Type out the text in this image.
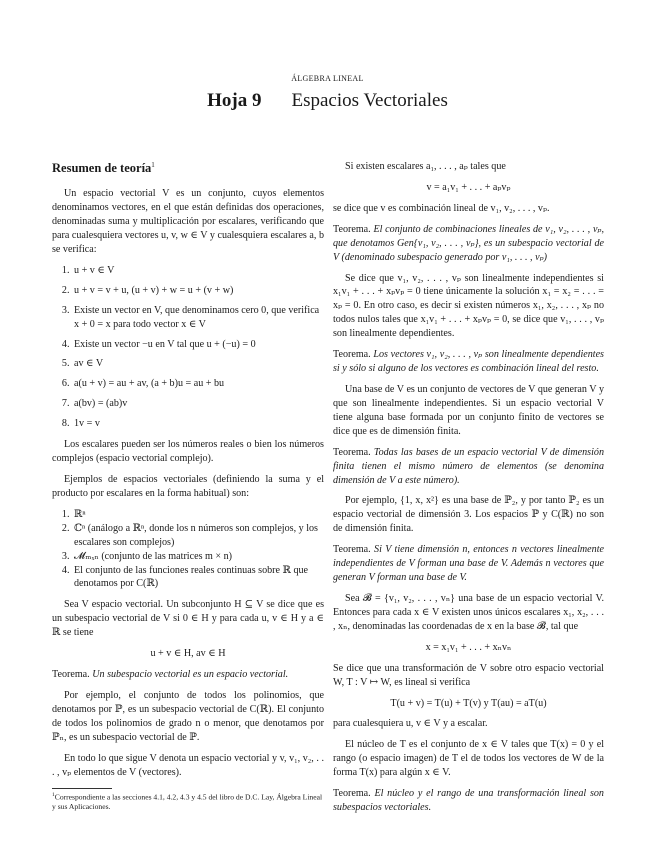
ÁLGEBRA LINEAL
Hoja 9 Espacios Vectoriales
Resumen de teoría$^1$

Un espacio vectorial V es un conjunto, cuyos elementos denominamos vectores, en el que están definidas dos operaciones, denominadas suma y multiplicación por escalares, verificando que para cualesquiera vectores u, v, w ∈ V y cualesquiera escalares a, b se verifica:

1. u + v ∈ V
2. u + v = v + u, (u + v) + w = u + (v + w)
3. Existe un vector en V, que denominamos cero 0, que verifica x + 0 = x para todo vector x ∈ V
4. Existe un vector −u en V tal que u + (−u) = 0
5. av ∈ V
6. a(u + v) = au + av, (a + b)u = au + bu
7. a(bv) = (ab)v
8. 1v = v

Los escalares pueden ser los números reales o bien los números complejos (espacio vectorial complejo).

Ejemplos de espacios vectoriales (definiendo la suma y el producto por escalares en la forma habitual) son:

1. ℝⁿ
2. ℂⁿ (análogo a ℝⁿ, donde los n números son complejos, y los escalares son complejos)
3. 𝓜ₘₓₙ (conjunto de las matrices m × n)
4. El conjunto de las funciones reales continuas sobre ℝ que denotamos por C(ℝ)

Sea V espacio vectorial. Un subconjunto H ⊆ V se dice que es un subespacio vectorial de V si 0 ∈ H y para cada u, v ∈ H y a ∈ ℝ se tiene

u + v ∈ H, av ∈ H

Teorema. Un subespacio vectorial es un espacio vectorial.

Por ejemplo, el conjunto de todos los polinomios, que denotamos por ℙ, es un subespacio vectorial de C(ℝ). El conjunto de todos los polinomios de grado n o menor, que denotamos por ℙₙ, es un subespacio vectorial de ℙ.

En todo lo que sigue V denota un espacio vectorial y v, v₁, v₂, . . . , vₚ elementos de V (vectores).

$^1$Correspondiente a las secciones 4.1, 4.2, 4.3 y 4.5 del libro de D.C. Lay, Álgebra Lineal y sus Aplicaciones.

Si existen escalares a₁, . . . , aₚ tales que

v = a₁v₁ + . . . + aₚvₚ

se dice que v es combinación lineal de v₁, v₂, . . . , vₚ.

Teorema. El conjunto de combinaciones lineales de v₁, v₂, . . . , vₚ, que denotamos Gen{v₁, v₂, . . . , vₚ}, es un subespacio vectorial de V (denominado subespacio generado por v₁, . . . , vₚ)

Se dice que v₁, v₂, . . . , vₚ son linealmente independientes si x₁v₁ + . . . + xₚvₚ = 0 tiene únicamente la solución x₁ = x₂ = . . . = xₚ = 0. En otro caso, es decir si existen números x₁, x₂, . . . , xₚ no todos nulos tales que x₁v₁ + . . . + xₚvₚ = 0, se dice que v₁, . . . , vₚ son linealmente dependientes.

Teorema. Los vectores v₁, v₂, . . . , vₚ son linealmente dependientes si y sólo si alguno de los vectores es combinación lineal del resto.

Una base de V es un conjunto de vectores de V que generan V y que son linealmente independientes. Si un espacio vectorial V tiene alguna base formada por un conjunto finito de vectores se dice que es de dimensión finita.

Teorema. Todas las bases de un espacio vectorial V de dimensión finita tienen el mismo número de elementos (se denomina dimensión de V a este número).

Por ejemplo, {1, x, x²} es una base de ℙ₂, y por tanto ℙ₂ es un espacio vectorial de dimensión 3. Los espacios ℙ y C(ℝ) no son de dimensión finita.

Teorema. Si V tiene dimensión n, entonces n vectores linealmente independientes de V forman una base de V. Además n vectores que generan V forman una base de V.

Sea 𝓑 = {v₁, v₂, . . . , vₙ} una base de un espacio vectorial V. Entonces para cada x ∈ V existen unos únicos escalares x₁, x₂, . . . , xₙ, denominadas las coordenadas de x en la base 𝓑, tal que

x = x₁v₁ + . . . + xₙvₙ

Se dice que una transformación de V sobre otro espacio vectorial W, T : V ↦ W, es lineal si verifica

T(u + v) = T(u) + T(v) y T(au) = aT(u)

para cualesquiera u, v ∈ V y a escalar.

El núcleo de T es el conjunto de x ∈ V tales que T(x) = 0 y el rango (o espacio imagen) de T el de todos los vectores de W de la forma T(x) para algún x ∈ V.

Teorema. El núcleo y el rango de una transformación lineal son subespacios vectoriales.
